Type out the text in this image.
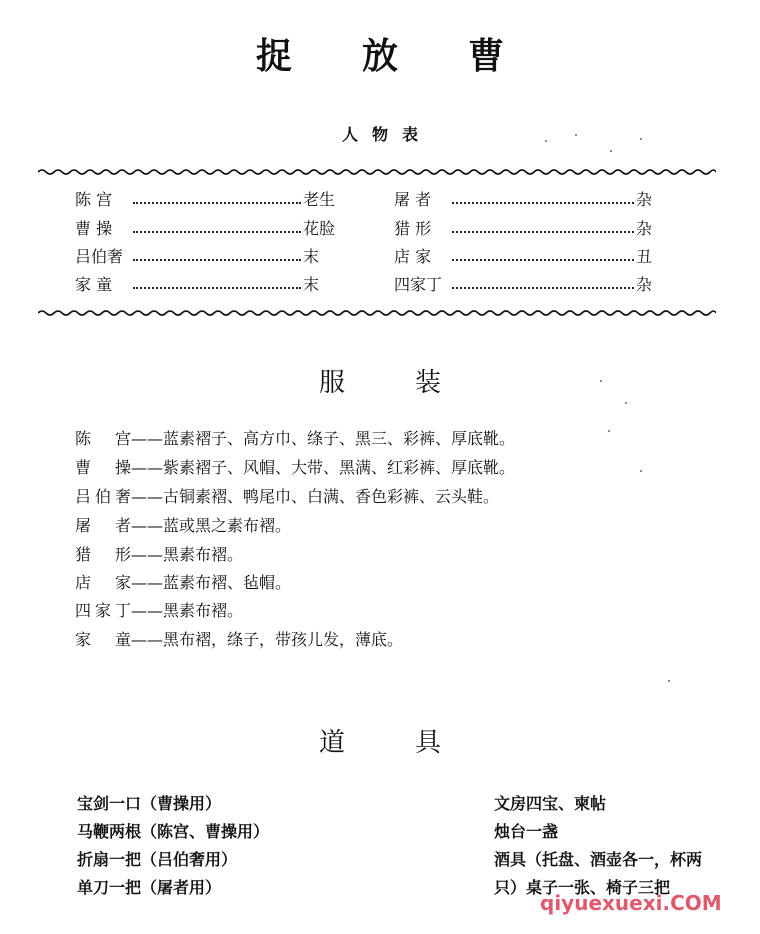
捉放曹
人物表
陈 宫	老生
曹 操	花脸
吕伯奢	末
家 童	末
屠 者	杂
猎 形	杂
店 家	丑
四家丁	杂
服装
陈 宫——蓝素褶子、高方巾、绦子、黑三、彩裤、厚底靴。
曹 操——紫素褶子、风帽、大带、黑满、红彩裤、厚底靴。
吕伯奢——古铜素褶、鸭尾巾、白满、香色彩裤、云头鞋。
屠 者——蓝或黑之素布褶。
猎 形——黑素布褶。
店 家——蓝素布褶、毡帽。
四家丁——黑素布褶。
家 童——黑布褶，绦子，带孩儿发，薄底。
道具
宝剑一口（曹操用）
马鞭两根（陈宫、曹操用）
折扇一把（吕伯奢用）
单刀一把（屠者用）
文房四宝、柬帖
烛台一盏
酒具（托盘、酒壶各一，杯两
只）桌子一张、椅子三把
qiyuexuexi.COM
